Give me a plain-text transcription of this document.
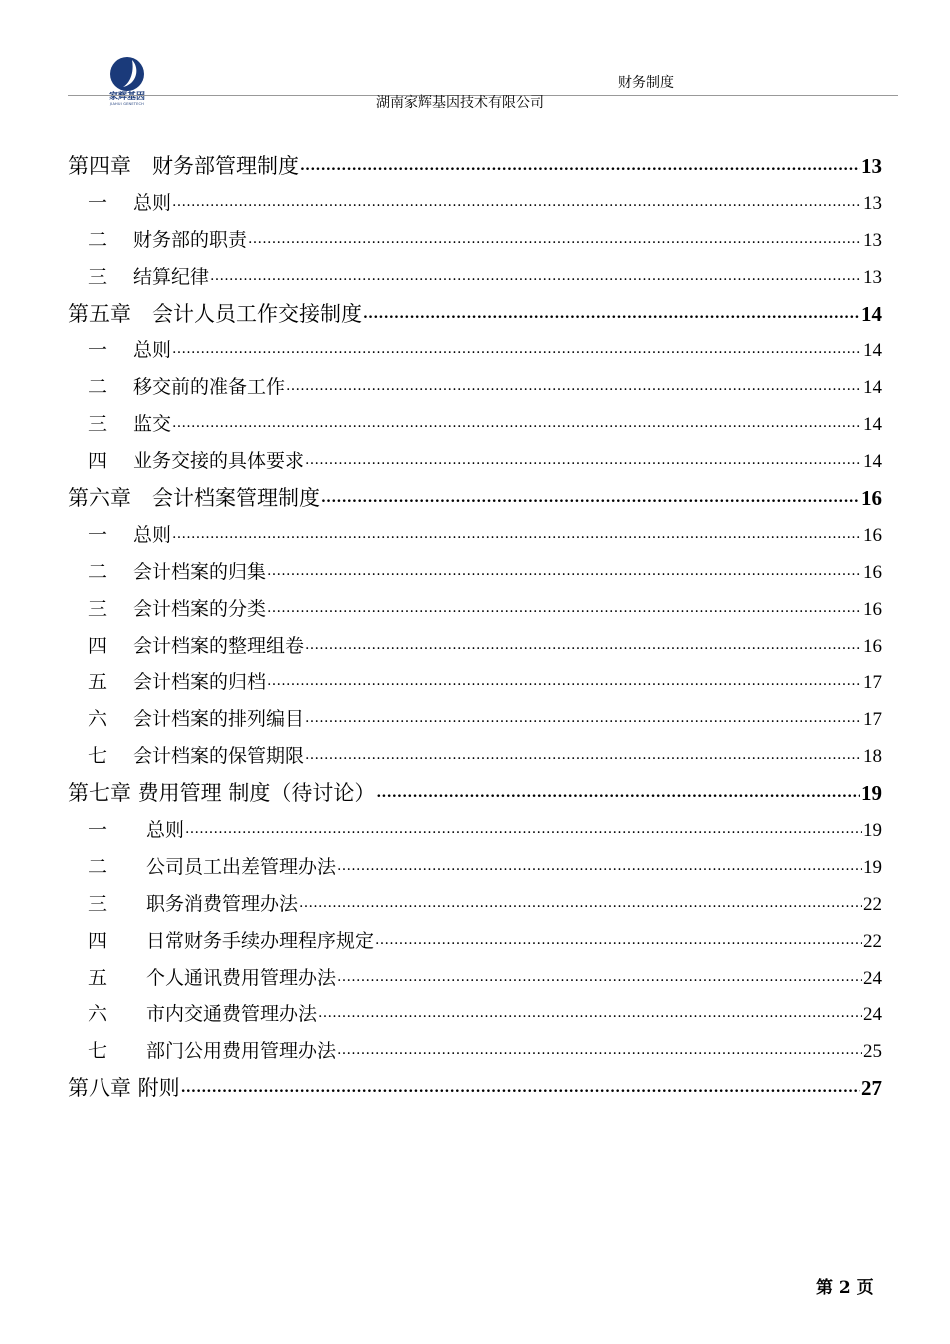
家辉基因
JIAHUI GENETECH
财务制度
湖南家辉基因技术有限公司
第四章　财务部管理制度 .....	13
一	总则 .....	13
二	财务部的职责 .....	13
三	结算纪律 .....	13
第五章　会计人员工作交接制度 .....	14
一	总则 .....	14
二	移交前的准备工作 .....	14
三	监交 .....	14
四	业务交接的具体要求 .....	14
第六章　会计档案管理制度 .....	16
一	总则 .....	16
二	会计档案的归集 .....	16
三	会计档案的分类 .....	16
四	会计档案的整理组卷 .....	16
五	会计档案的归档 .....	17
六	会计档案的排列编目 .....	17
七	会计档案的保管期限 .....	18
第七章 费用管理 制度（待讨论） .....	19
一	总则 .....	19
二	公司员工出差管理办法 .....	19
三	职务消费管理办法 .....	22
四	日常财务手续办理程序规定 .....	22
五	个人通讯费用管理办法 .....	24
六	市内交通费管理办法 .....	24
七	部门公用费用管理办法 .....	25
第八章 附则 .....	27
第 2 页
